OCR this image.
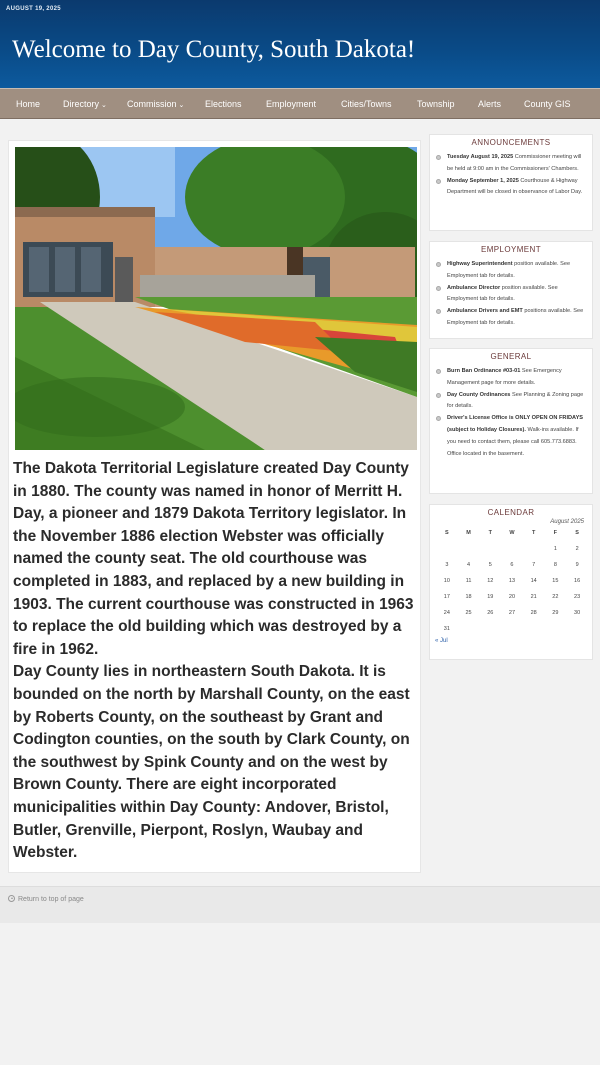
AUGUST 19, 2025
Welcome to Day County, South Dakota!
Home	Directory ⌄ Commission ⌄ Elections	Employment	Cities/Towns	Township	Alerts	County GIS

The Dakota Territorial Legislature created Day County in 1880. The county was named in honor of Merritt H. Day, a pioneer and 1879 Dakota Territory legislator. In the November 1886 election Webster was officially named the county seat. The old courthouse was completed in 1883, and replaced by a new building in 1903. The current courthouse was constructed in 1963 to replace the old building which was destroyed by a fire in 1962.

Day County lies in northeastern South Dakota. It is bounded on the north by Marshall County, on the east by Roberts County, on the southeast by Grant and Codington counties, on the south by Clark County, on the southwest by Spink County and on the west by Brown County. There are eight incorporated municipalities within Day County: Andover, Bristol, Butler, Grenville, Pierpont, Roslyn, Waubay and Webster.

ANNOUNCEMENTS
Tuesday August 19, 2025 Commissioner meeting will be held at 9:00 am in the Commissioners' Chambers.
Monday September 1, 2025 Courthouse & Highway Department will be closed in observance of Labor Day.
EMPLOYMENT
Highway Superintendent position available. See Employment tab for details.
Ambulance Director position available. See Employment tab for details.
Ambulance Drivers and EMT positions available. See Employment tab for details.
GENERAL
Burn Ban Ordinance #03-01 See Emergency Management page for more details.
Day County Ordinances See Planning & Zoning page for details.
Driver's License Office is ONLY OPEN ON FRIDAYS (subject to Holiday Closures). Walk-ins available. If you need to contact them, please call 605.773.6883. Office located in the basement.
CALENDAR
August 2025
S	M	T	W	T	F	S
					1	2
3	4	5	6	7	8	9
10	11	12	13	14	15	16
17	18	19	20	21	22	23
24	25	26	27	28	29	30
31						
« Jul
Return to top of page
